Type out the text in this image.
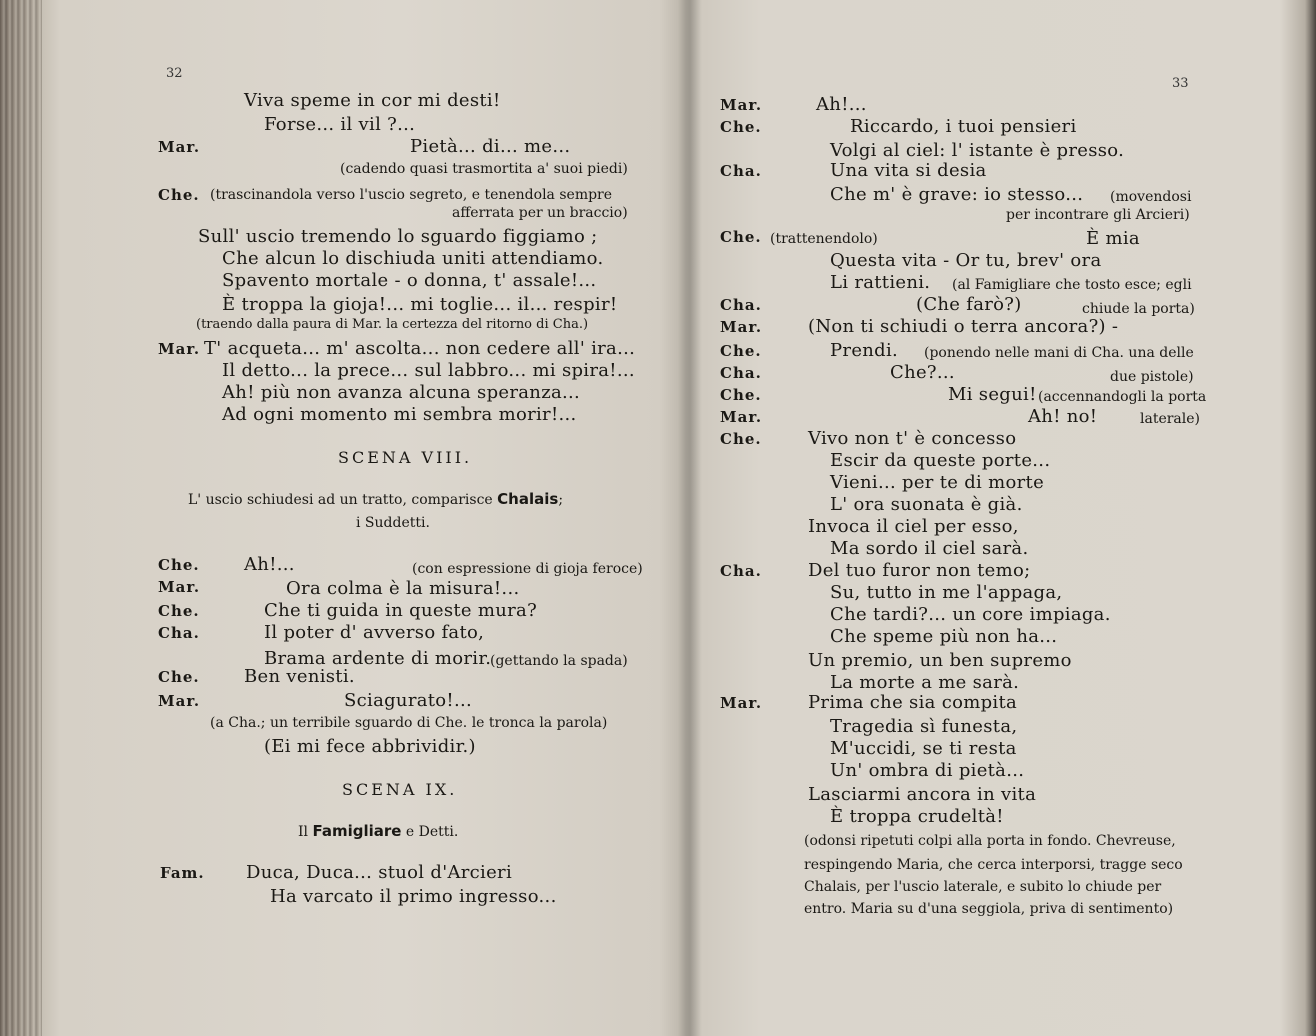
32
Viva speme in cor mi desti!
Forse... il vil ?...
Mar.	Pietà... di... me...
(cadendo quasi trasmortita a' suoi piedi)
Che. (trascinandola verso l'uscio segreto, e tenendola sempre
afferrata per un braccio)
Sull' uscio tremendo lo sguardo figgiamo ;
Che alcun lo dischiuda uniti attendiamo.
Spavento mortale - o donna, t' assale!...
È troppa la gioja!... mi toglie... il... respir!
(traendo dalla paura di Mar. la certezza del ritorno di Cha.)
Mar. T' acqueta... m' ascolta... non cedere all' ira...
Il detto... la prece... sul labbro... mi spira!...
Ah! più non avanza alcuna speranza...
Ad ogni momento mi sembra morir!...
SCENA VIII.
L' uscio schiudesi ad un tratto, comparisce Chalais;
i Suddetti.
Che. Ah!...	(con espressione di gioja feroce)
Mar.	Ora colma è la misura!...
Che.	Che ti guida in queste mura?
Cha.	Il poter d' avverso fato,
Brama ardente di morir.
(gettando la spada)
Che. Ben venisti.
Mar.	Sciagurato!...
(a Cha.; un terribile sguardo di Che. le tronca la parola)
(Ei mi fece abbrividir.)
SCENA IX.
Il Famigliare e Detti.
Fam. Duca, Duca... stuol d'Arcieri
Ha varcato il primo ingresso...
33
Mar.	Ah!...
Che.	Riccardo, i tuoi pensieri
Volgi al ciel: l' istante è presso.
Cha.	Una vita si desia
Che m' è grave: io stesso... (movendosi
per incontrare gli Arcieri)
Che. (trattenendolo)	È mia
Questa vita - Or tu, brev' ora
Li rattieni. (al Famigliare che tosto esce; egli
Cha.	(Che farò?)	chiude la porta)
Mar.	(Non ti schiudi o terra ancora?) -
Che.	Prendi. (ponendo nelle mani di Cha. una delle
Cha.	Che?...	due pistole)
Che.	Mi segui! (accennandogli la porta
Mar.	Ah! no!	laterale)
Che.	Vivo non t' è concesso
Escir da queste porte...
Vieni... per te di morte
L' ora suonata è già.
Invoca il ciel per esso,
Ma sordo il ciel sarà.
Cha.	Del tuo furor non temo;
Su, tutto in me l'appaga,
Che tardi?... un core impiaga.
Che speme più non ha...
Un premio, un ben supremo
La morte a me sarà.
Mar.	Prima che sia compita
Tragedia sì funesta,
M'uccidi, se ti resta
Un' ombra di pietà...
Lasciarmi ancora in vita
È troppa crudeltà!
(odonsi ripetuti colpi alla porta in fondo. Chevreuse,
respingendo Maria, che cerca interporsi, tragge seco
Chalais, per l'uscio laterale, e subito lo chiude per
entro. Maria su d'una seggiola, priva di sentimento)
